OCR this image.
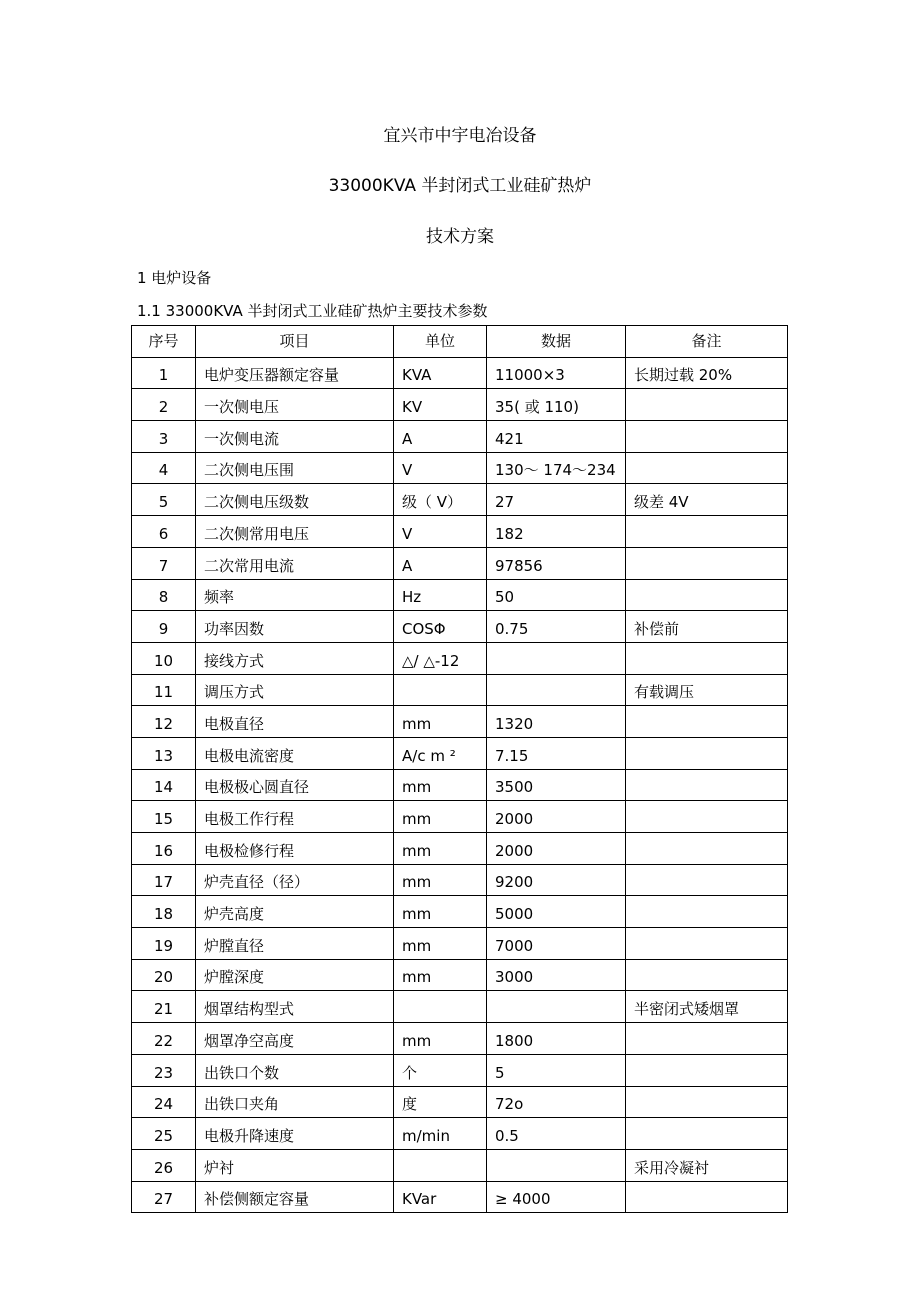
宜兴市中宇电冶设备
33000KVA 半封闭式工业硅矿热炉
技术方案

1 电炉设备

1.1 33000KVA 半封闭式工业硅矿热炉主要技术参数

序号	项目	单位	数据	备注
1	电炉变压器额定容量	KVA	11000×3	长期过载 20%
2	一次侧电压	KV	35( 或 110)	
3	一次侧电流	A	421	
4	二次侧电压围	V	130～ 174～234	
5	二次侧电压级数	级（ V）	27	级差 4V
6	二次侧常用电压	V	182	
7	二次常用电流	A	97856	
8	频率	Hz	50	
9	功率因数	COSΦ	0.75	补偿前
10	接线方式	△/ △-12		
11	调压方式			有载调压
12	电极直径	mm	1320	
13	电极电流密度	A/c m ²	7.15	
14	电极极心圆直径	mm	3500	
15	电极工作行程	mm	2000	
16	电极检修行程	mm	2000	
17	炉壳直径（径）	mm	9200	
18	炉壳高度	mm	5000	
19	炉膛直径	mm	7000	
20	炉膛深度	mm	3000	
21	烟罩结构型式			半密闭式矮烟罩
22	烟罩净空高度	mm	1800	
23	出铁口个数	个	5	
24	出铁口夹角	度	72o	
25	电极升降速度	m/min	0.5	
26	炉衬			采用冷凝衬
27	补偿侧额定容量	KVar	≥ 4000	
